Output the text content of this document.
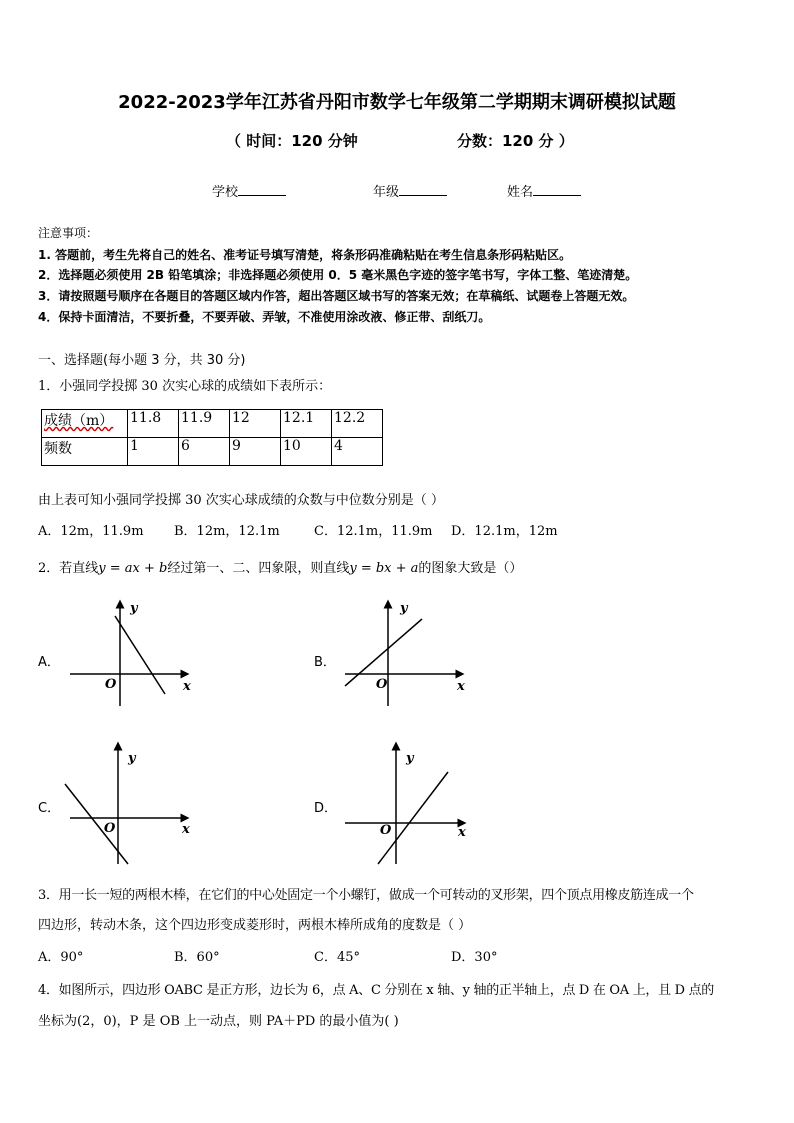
2022-2023学年江苏省丹阳市数学七年级第二学期期末调研模拟试题
（ 时间：120 分钟	分数：120 分 ）
学校	年级	姓名
注意事项：
1. 答题前，考生先将自己的姓名、准考证号填写清楚，将条形码准确粘贴在考生信息条形码粘贴区。
2．选择题必须使用 2B 铅笔填涂；非选择题必须使用 0．5 毫米黑色字迹的签字笔书写，字体工整、笔迹清楚。
3．请按照题号顺序在各题目的答题区域内作答，超出答题区域书写的答案无效；在草稿纸、试题卷上答题无效。
4．保持卡面清洁，不要折叠，不要弄破、弄皱，不准使用涂改液、修正带、刮纸刀。
一、选择题(每小题 3 分，共 30 分)
1．小强同学投掷 30 次实心球的成绩如下表所示：
成绩（m）	11.8	11.9	12	12.1	12.2
频数	1	6	9	10	4
由上表可知小强同学投掷 30 次实心球成绩的众数与中位数分别是（ ）
A．12m，11.9m B．12m，12.1m	C．12.1m，11.9m D．12.1m，12m
2．若直线y = ax + b经过第一、二、四象限，则直线y = bx + a的图象大致是（）
A．	B．
C．	D．
y
x
O
y
x
O
y
x
O
y
x
O
3．用一长一短的两根木棒，在它们的中心处固定一个小螺钉，做成一个可转动的叉形架，四个顶点用橡皮筋连成一个
四边形，转动木条，这个四边形变成菱形时，两根木棒所成角的度数是（ ）
A．90°	B．60°	C．45°	D．30°
4．如图所示，四边形 OABC 是正方形，边长为 6，点 A、C 分别在 x 轴、y 轴的正半轴上，点 D 在 OA 上，且 D 点的
坐标为(2，0)，P 是 OB 上一动点，则 PA＋PD 的最小值为( )
